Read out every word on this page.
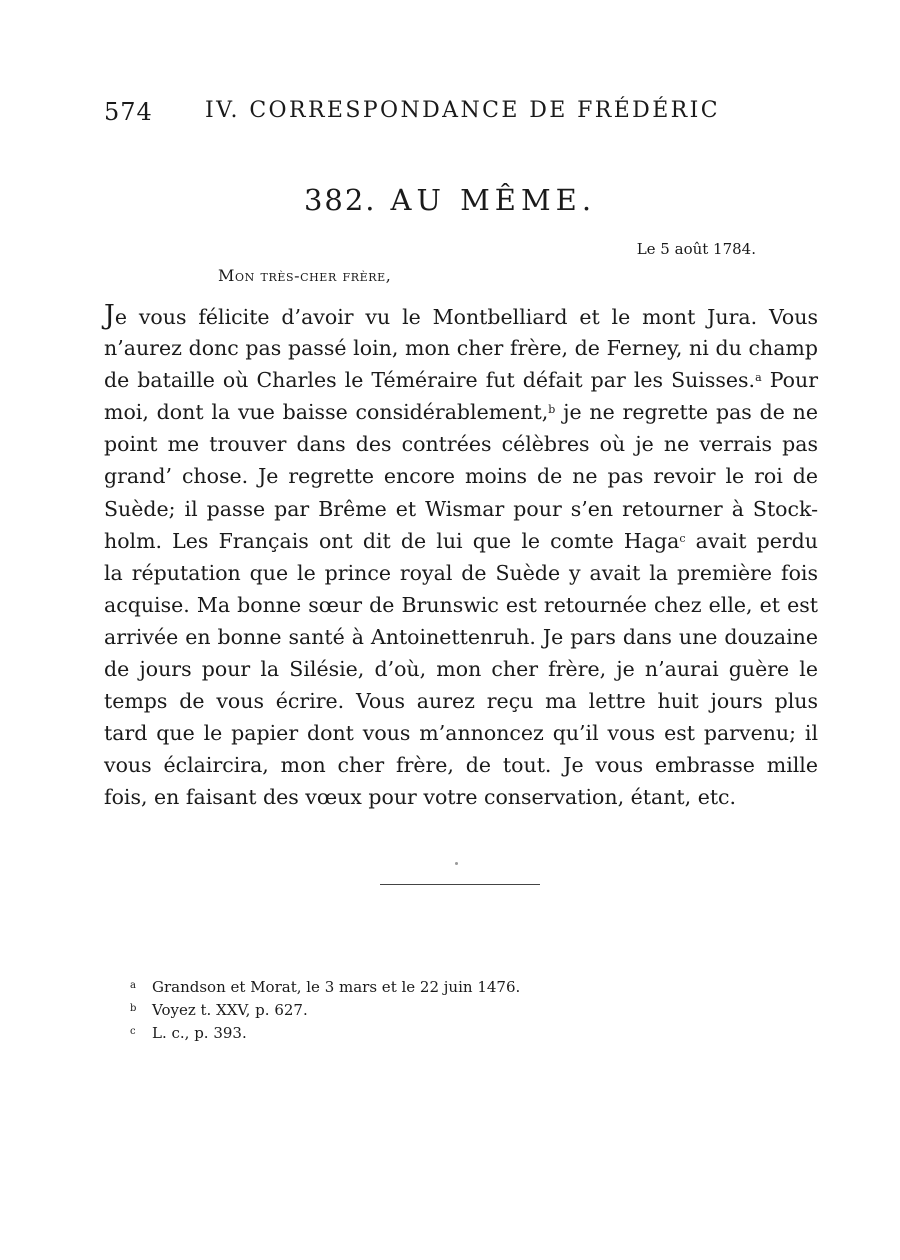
574 IV. CORRESPONDANCE DE FRÉDÉRIC
382. AU MÊME.
Le 5 août 1784.
Mon très-cher frère,
Je vous félicite d’avoir vu le Montbelliard et le mont Jura. Vous
n’aurez donc pas passé loin, mon cher frère, de Ferney, ni du champ
de bataille où Charles le Téméraire fut défait par les Suisses.$^a$ Pour
moi, dont la vue baisse considérablement,$^b$ je ne regrette pas de ne
point me trouver dans des contrées célèbres où je ne verrais pas
grand’ chose. Je regrette encore moins de ne pas revoir le roi de
Suède; il passe par Brême et Wismar pour s’en retourner à Stock-
holm. Les Français ont dit de lui que le comte Haga$^c$ avait perdu
la réputation que le prince royal de Suède y avait la première fois
acquise. Ma bonne sœur de Brunswic est retournée chez elle, et est
arrivée en bonne santé à Antoinettenruh. Je pars dans une douzaine
de jours pour la Silésie, d’où, mon cher frère, je n’aurai guère le
temps de vous écrire. Vous aurez reçu ma lettre huit jours plus
tard que le papier dont vous m’annoncez qu’il vous est parvenu; il
vous éclaircira, mon cher frère, de tout. Je vous embrasse mille
fois, en faisant des vœux pour votre conservation, étant, etc.
a Grandson et Morat, le 3 mars et le 22 juin 1476.
b Voyez t. XXV, p. 627.
c L. c., p. 393.
